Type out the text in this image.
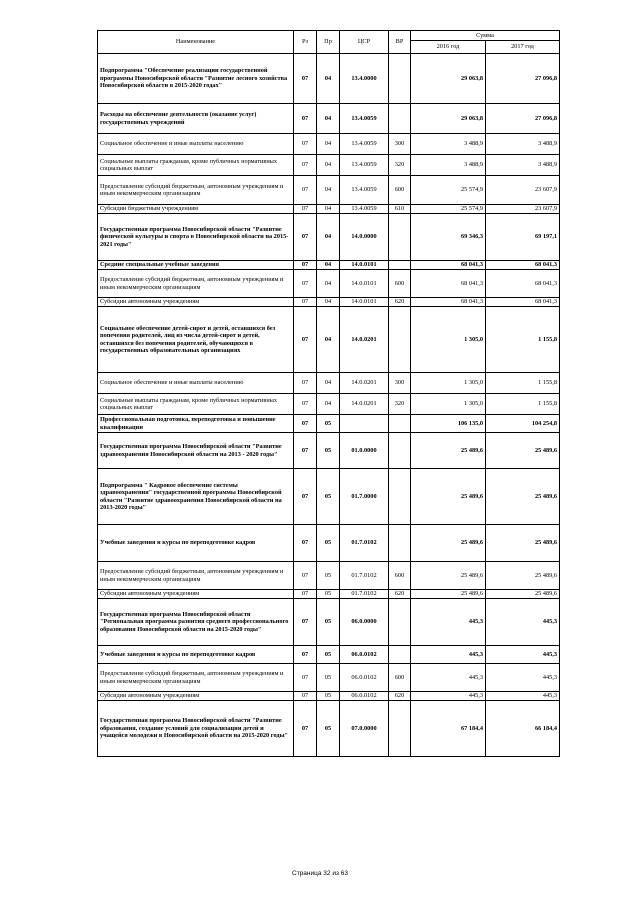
Наименование	Рз	Пр	ЦСР	ВР	Сумма	
					2016 год	2017 год
Подпрограмма "Обеспечение реализации государственной программы Новосибирской области "Развитие лесного хозяйства Новосибирской области в 2015-2020 годах"	07	04	13.4.0000		29 063,8	27 096,8
Расходы на обеспечение деятельности (оказание услуг) государственных учреждений	07	04	13.4.0059		29 063,8	27 096,8
Социальное обеспечение и иные выплаты населению	07	04	13.4.0059	300	3 488,9	3 488,9
Социальные выплаты гражданам, кроме публичных нормативных социальных выплат	07	04	13.4.0059	320	3 488,9	3 488,9
Предоставление субсидий бюджетным, автономным учреждениям и иным некоммерческим организациям	07	04	13.4.0059	600	25 574,9	23 607,9
Субсидии бюджетным учреждениям	07	04	13.4.0059	610	25 574,9	23 607,9
Государственная программа Новосибирской области "Развитие физической культуры и спорта в Новосибирской области на 2015-2021 годы"	07	04	14.0.0000		69 346,3	69 197,1
Средние специальные учебные заведения	07	04	14.0.0101		68 041,3	68 041,3
Предоставление субсидий бюджетным, автономным учреждениям и иным некоммерческим организациям	07	04	14.0.0101	600	68 041,3	68 041,3
Субсидии автономным учреждениям	07	04	14.0.0101	620	68 041,3	68 041,3
Социальное обеспечение детей-сирот и детей, оставшихся без попечения родителей, лиц из числа детей-сирот и детей, оставшихся без попечения родителей, обучающихся в государственных образовательных организациях	07	04	14.0.0201		1 305,0	1 155,8
Социальное обеспечение и иные выплаты населению	07	04	14.0.0201	300	1 305,0	1 155,8
Социальные выплаты гражданам, кроме публичных нормативных социальных выплат	07	04	14.0.0201	320	1 305,0	1 155,8
Профессиональная подготовка, переподготовка и повышение квалификации	07	05			106 135,0	104 254,8
Государственная программа Новосибирской области "Развитие здравоохранения Новосибирской области на 2013 - 2020 годы"	07	05	01.0.0000		25 489,6	25 489,6
Подпрограмма " Кадровое обеспечение системы здравоохранения" государственной программы Новосибирской области "Развитие здравоохранения Новосибирской области на 2013-2020 годы"	07	05	01.7.0000		25 489,6	25 489,6
Учебные заведения и курсы по переподготовке кадров	07	05	01.7.0102		25 489,6	25 489,6
Предоставление субсидий бюджетным, автономным учреждениям и иным некоммерческим организациям	07	05	01.7.0102	600	25 489,6	25 489,6
Субсидии автономным учреждениям	07	05	01.7.0102	620	25 489,6	25 489,6
Государственная программа Новосибирской области "Региональная программа развития среднего профессионального образования Новосибирской области на 2015-2020 годы"	07	05	06.0.0000		445,3	445,3
Учебные заведения и курсы по переподготовке кадров	07	05	06.0.0102		445,3	445,3
Предоставление субсидий бюджетным, автономным учреждениям и иным некоммерческим организациям	07	05	06.0.0102	600	445,3	445,3
Субсидии автономным учреждениям	07	05	06.0.0102	620	445,3	445,3
Государственная программа Новосибирской области "Развитие образования, создание условий для социализации детей и учащейся молодежи в Новосибирской области на 2015-2020 годы"	07	05	07.0.0000		67 184,4	66 184,4
Страница 32 из 63
